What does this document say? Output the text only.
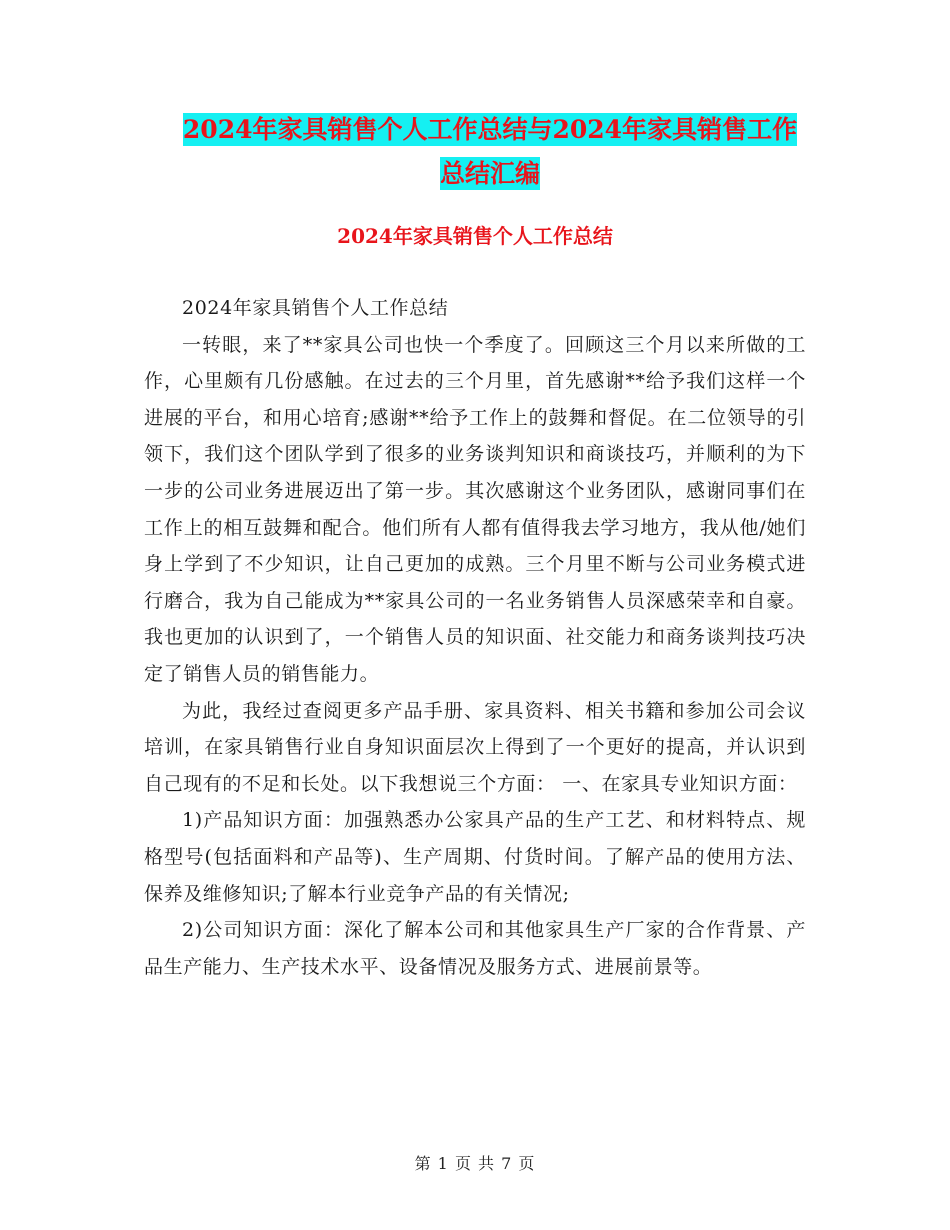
2024年家具销售个人工作总结与2024年家具销售工作
总结汇编
2024年家具销售个人工作总结

2024年家具销售个人工作总结

一转眼，来了**家具公司也快一个季度了。回顾这三个月以来所做的工作，心里颇有几份感触。在过去的三个月里，首先感谢**给予我们这样一个进展的平台，和用心培育;感谢**给予工作上的鼓舞和督促。在二位领导的引领下，我们这个团队学到了很多的业务谈判知识和商谈技巧，并顺利的为下一步的公司业务进展迈出了第一步。其次感谢这个业务团队，感谢同事们在工作上的相互鼓舞和配合。他们所有人都有值得我去学习地方，我从他/她们身上学到了不少知识，让自己更加的成熟。三个月里不断与公司业务模式进行磨合，我为自己能成为**家具公司的一名业务销售人员深感荣幸和自豪。我也更加的认识到了，一个销售人员的知识面、社交能力和商务谈判技巧决定了销售人员的销售能力。

为此，我经过查阅更多产品手册、家具资料、相关书籍和参加公司会议培训，在家具销售行业自身知识面层次上得到了一个更好的提高，并认识到自己现有的不足和长处。以下我想说三个方面： 一、在家具专业知识方面：

1)产品知识方面：加强熟悉办公家具产品的生产工艺、和材料特点、规格型号(包括面料和产品等)、生产周期、付货时间。了解产品的使用方法、保养及维修知识;了解本行业竞争产品的有关情况;

2)公司知识方面：深化了解本公司和其他家具生产厂家的合作背景、产品生产能力、生产技术水平、设备情况及服务方式、进展前景等。

第 1 页 共 7 页
